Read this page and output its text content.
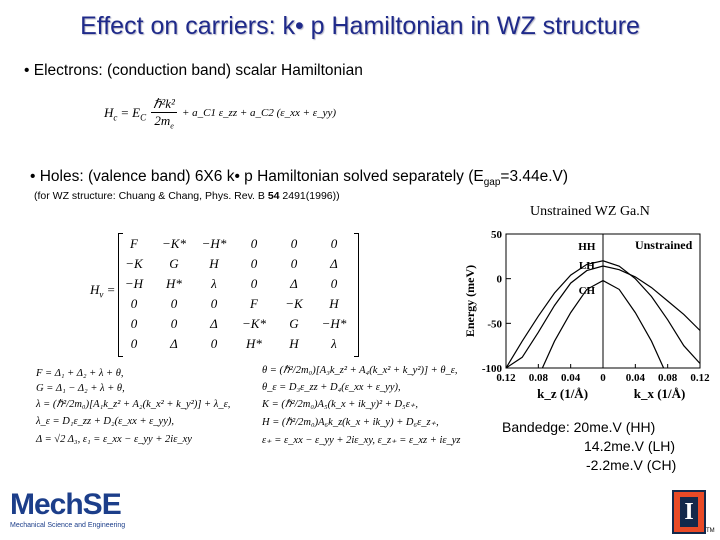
Effect on carriers: k• p Hamiltonian in WZ structure
• Electrons: (conduction band) scalar Hamiltonian
$H_c = E_C$
ℏ²k²
$2m_e$
+ a_C1 ε_zz + a_C2 (ε_xx + ε_yy)
• Holes: (valence band) 6X6 k• p Hamiltonian solved separately $(E_{gap}=3.44e.V)$
(for WZ structure: Chuang & Chang, Phys. Rev. B 54 2491(1996))
$H_v$ =
F	−K*	−H*	0	0	0
−K	G	H	0	0	Δ
−H	H*	λ	0	Δ	0
0	0	0	F	−K	H
0	0	Δ	−K*	G	−H*
0	Δ	0	H*	H	λ
F = Δ₁ + Δ₂ + λ + θ,
G = Δ₁ − Δ₂ + λ + θ,
λ = (ℏ²/2m₀)[A₁k_z² + A₂(k_x² + k_y²)] + λ_ε,
λ_ε = D₁ε_zz + D₂(ε_xx + ε_yy),
Δ = √2 Δ₃, ε₁ = ε_xx − ε_yy + 2iε_xy
θ = (ℏ²/2m₀)[A₃k_z² + A₄(k_x² + k_y²)] + θ_ε,
θ_ε = D₃ε_zz + D₄(ε_xx + ε_yy),
K = (ℏ²/2m₀)A₅(k_x + ik_y)² + D₅ε₊,
H = (ℏ²/2m₀)A₆k_z(k_x + ik_y) + D₆ε_z₊,
ε₊ = ε_xx − ε_yy + 2iε_xy, ε_z₊ = ε_xz + iε_yz
Unstrained WZ Ga.N
50
0
-50
-100
0.12 0.08 0.04 0 0.04 0.08 0.12
Energy (meV)
k_z (1/Å)	k_x (1/Å)
Unstrained
HH
LH
CH
Bandedge: 20me.V (HH)
14.2me.V (LH)
-2.2me.V (CH)
MechSE
Mechanical Science and Engineering
I
TM
